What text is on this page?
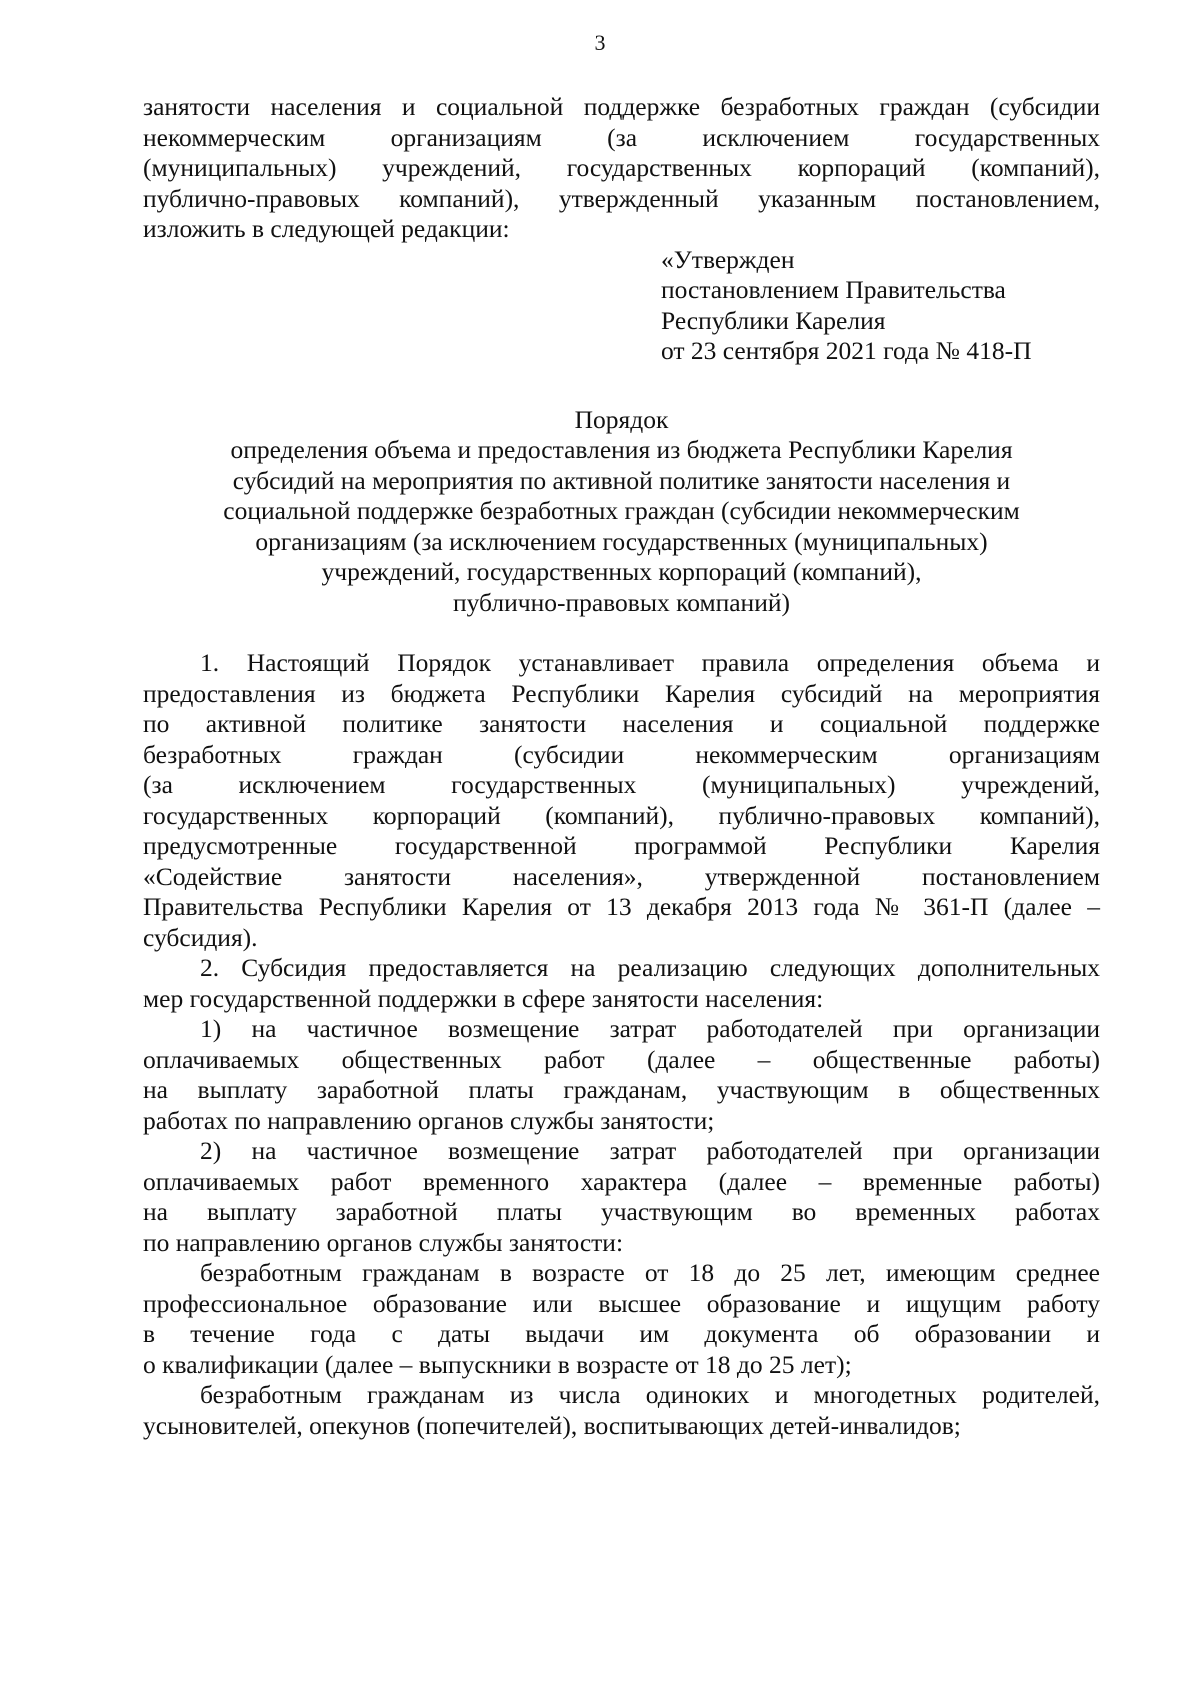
3
занятости населения и социальной поддержке безработных граждан (субсидии
некоммерческим организациям (за исключением государственных
(муниципальных) учреждений, государственных корпораций (компаний),
публично-правовых компаний), утвержденный указанным постановлением,
изложить в следующей редакции:
«Утвержден
постановлением Правительства
Республики Карелия
от 23 сентября 2021 года № 418-П
Порядок
определения объема и предоставления из бюджета Республики Карелия
субсидий на мероприятия по активной политике занятости населения и
социальной поддержке безработных граждан (субсидии некоммерческим
организациям (за исключением государственных (муниципальных)
учреждений, государственных корпораций (компаний),
публично-правовых компаний)
1. Настоящий Порядок устанавливает правила определения объема и
предоставления из бюджета Республики Карелия субсидий на мероприятия
по активной политике занятости населения и социальной поддержке
безработных граждан (субсидии некоммерческим организациям
(за исключением государственных (муниципальных) учреждений,
государственных корпораций (компаний), публично-правовых компаний),
предусмотренные государственной программой Республики Карелия
«Содействие занятости населения», утвержденной постановлением
Правительства Республики Карелия от 13 декабря 2013 года № 361-П (далее –
субсидия).
2. Субсидия предоставляется на реализацию следующих дополнительных
мер государственной поддержки в сфере занятости населения:
1) на частичное возмещение затрат работодателей при организации
оплачиваемых общественных работ (далее – общественные работы)
на выплату заработной платы гражданам, участвующим в общественных
работах по направлению органов службы занятости;
2) на частичное возмещение затрат работодателей при организации
оплачиваемых работ временного характера (далее – временные работы)
на выплату заработной платы участвующим во временных работах
по направлению органов службы занятости:
безработным гражданам в возрасте от 18 до 25 лет, имеющим среднее
профессиональное образование или высшее образование и ищущим работу
в течение года с даты выдачи им документа об образовании и
о квалификации (далее – выпускники в возрасте от 18 до 25 лет);
безработным гражданам из числа одиноких и многодетных родителей,
усыновителей, опекунов (попечителей), воспитывающих детей-инвалидов;
